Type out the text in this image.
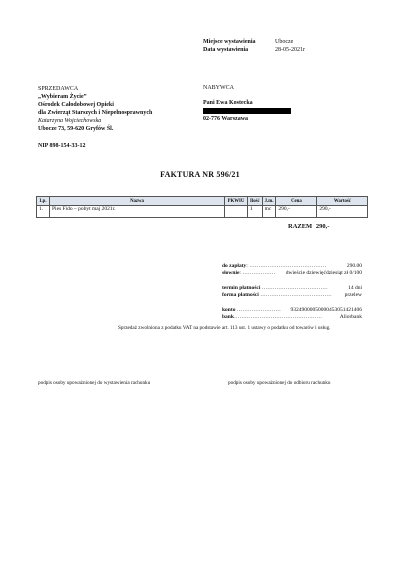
Miejsce wystawienia	Ubocze
Data wystawienia	28-05-2021r
SPRZEDAWCA
„Wybieram Życie”
Ośrodek Całodobowej Opieki
dla Zwierząt Starszych i Niepełnosprawnych
Katarzyna Wojciechowska
Ubocze 73, 59-620 Gryfów Śl.
NIP 898-154-33-12
NABYWCA
Pani Ewa Kostecka
02-776 Warszawa
FAKTURA NR 596/21
Lp.	Nazwa	PKWIU	Ilość	J.m.	Cena	Wartość
1.	Pies Fido – pobyt maj 2021r.		1	mc	290,-	290,-
RAZEM 290,-
do zapłaty: ……………………………………	290.00
słownie: ……………… dwieście dziewięćdziesiąt zł 0/100
termin płatności ………………………………	14 dni
forma płatności ………………………………… przelew
konto …………………… 93249000050000453051421406
bank…………………………………………	Aliorbank
Sprzedaż zwolniona z podatku VAT na podstawie art. 113 ust. 1 ustawy o podatku od towarów i usług.
podpis osoby upoważnionej do wystawienia rachunku	podpis osoby upoważnionej do odbioru rachunku
